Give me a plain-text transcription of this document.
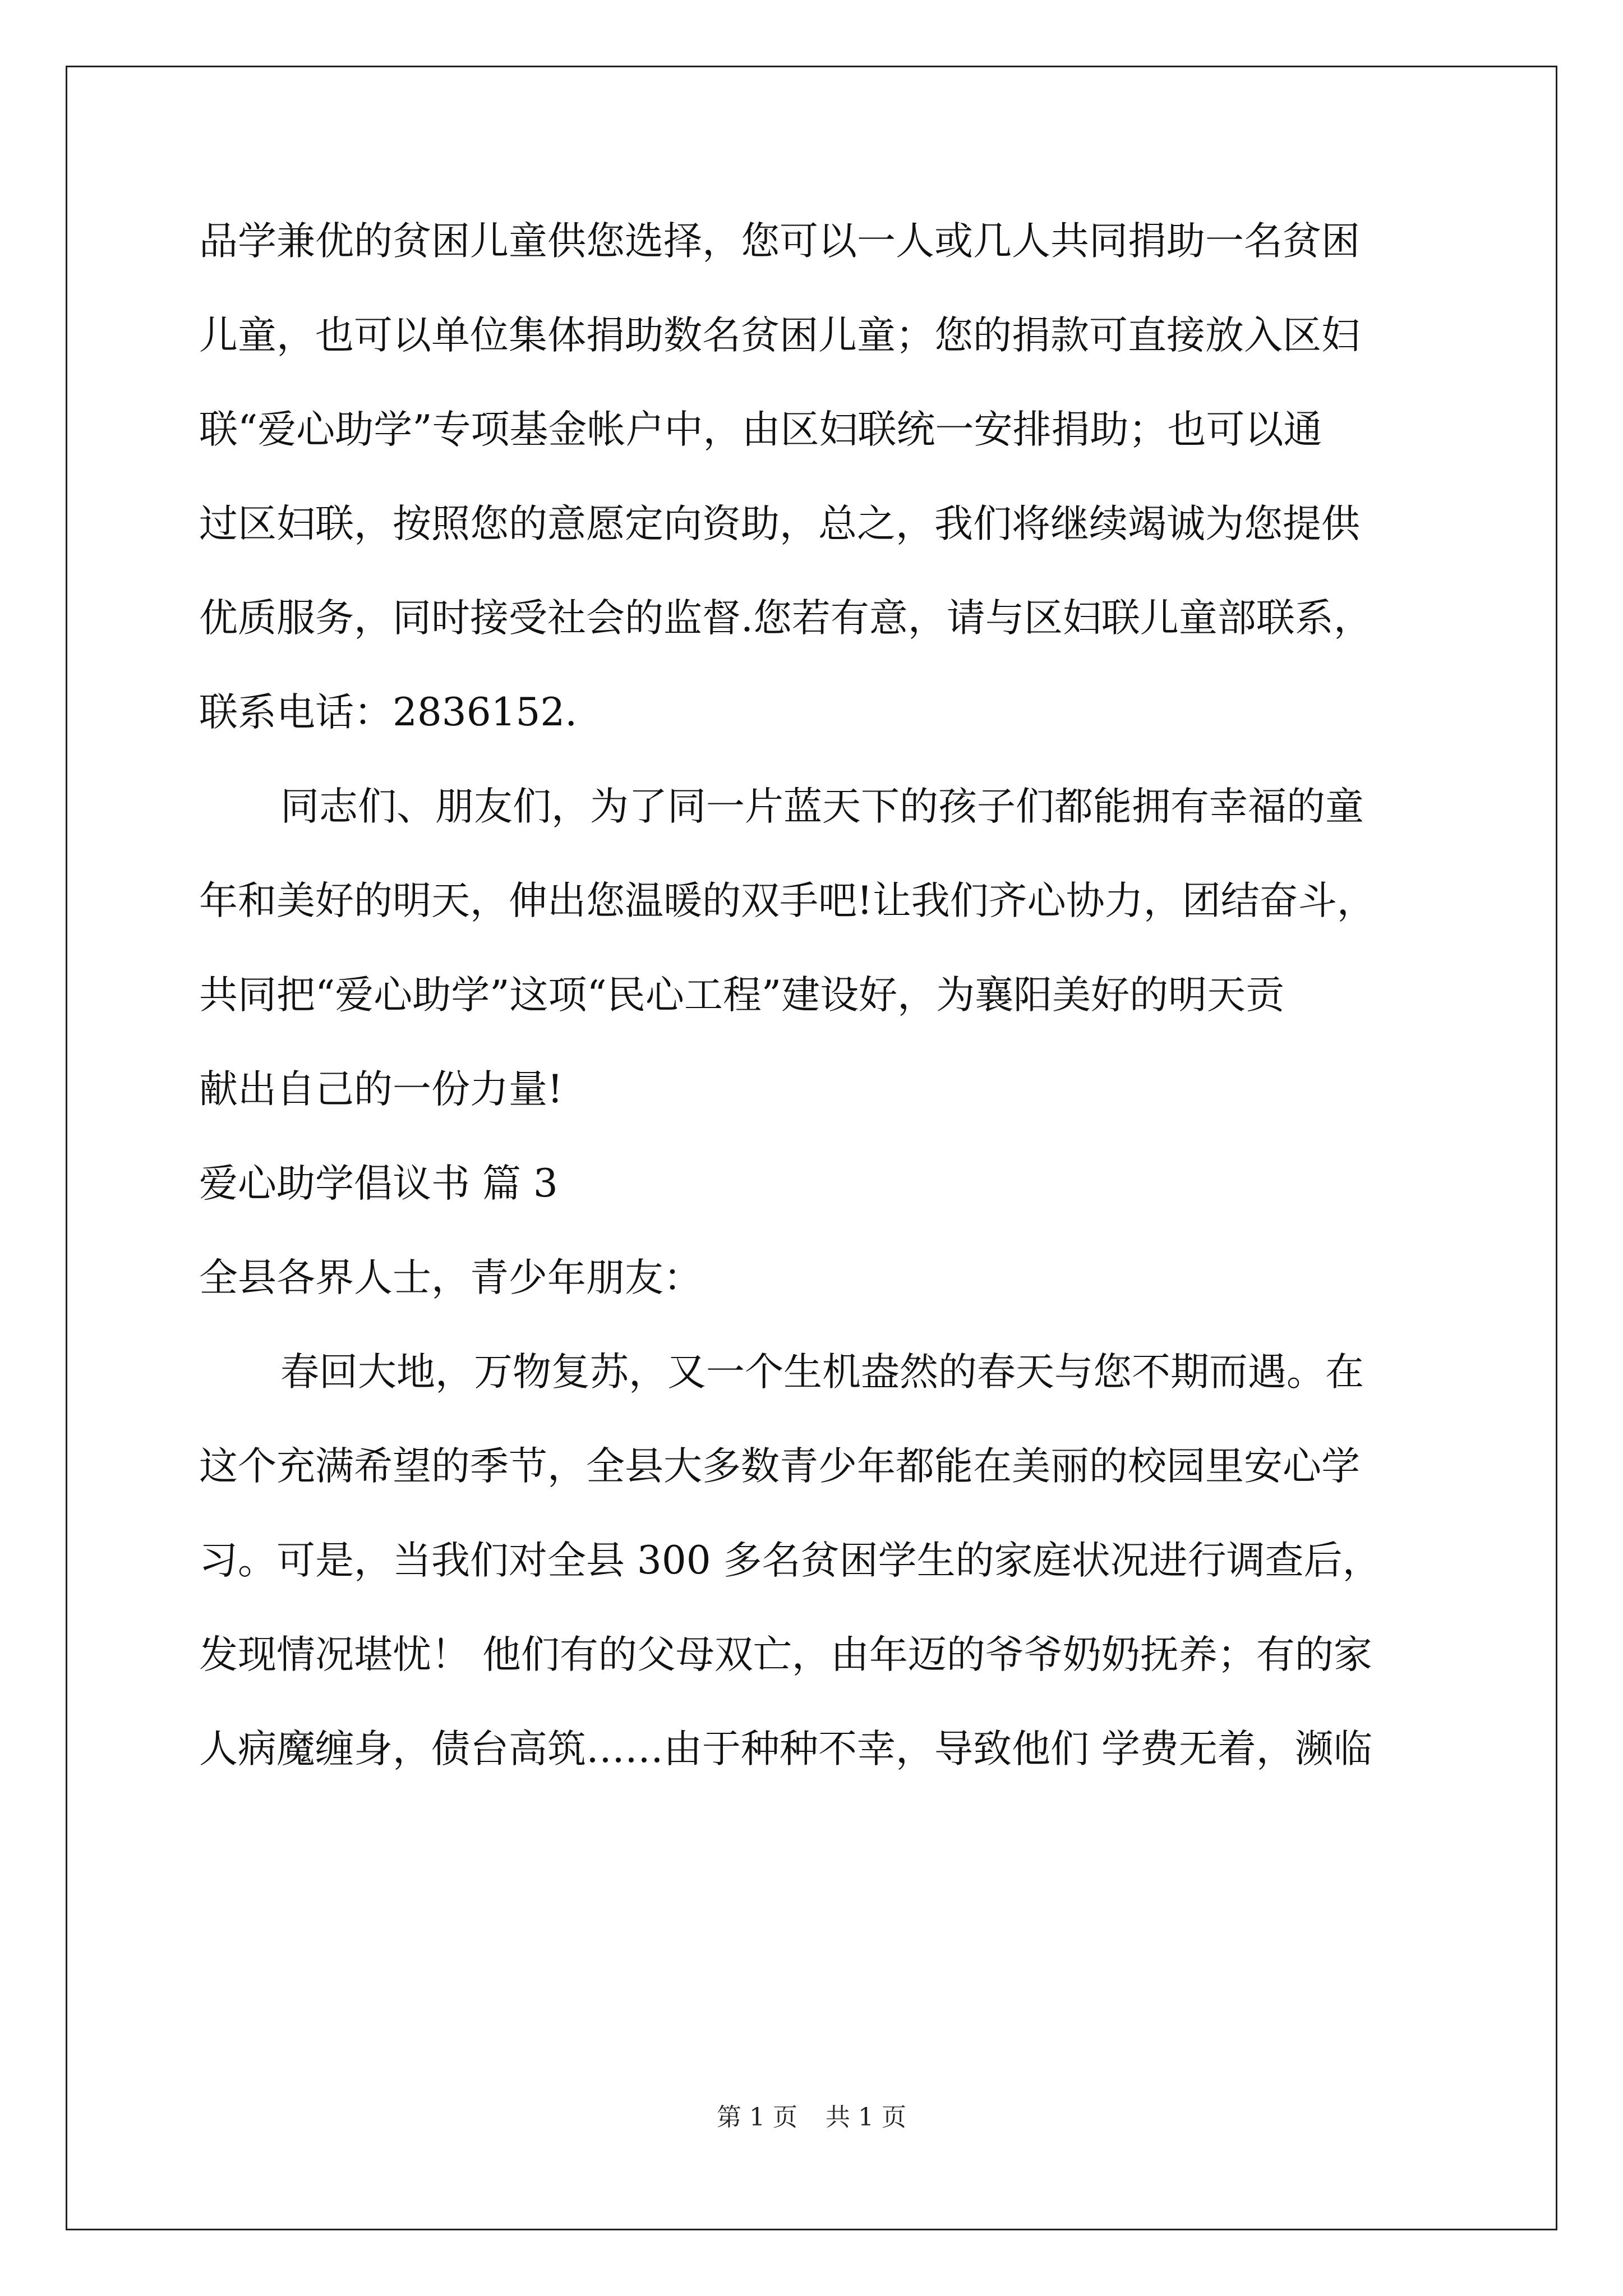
品学兼优的贫困儿童供您选择，您可以一人或几人共同捐助一名贫困
儿童，也可以单位集体捐助数名贫困儿童；您的捐款可直接放入区妇
联“爱心助学”专项基金帐户中，由区妇联统一安排捐助；也可以通
过区妇联，按照您的意愿定向资助，总之，我们将继续竭诚为您提供
优质服务，同时接受社会的监督.您若有意，请与区妇联儿童部联系，
联系电话：2836152.
同志们、朋友们，为了同一片蓝天下的孩子们都能拥有幸福的童
年和美好的明天，伸出您温暖的双手吧!让我们齐心协力，团结奋斗，
共同把“爱心助学”这项“民心工程”建设好，为襄阳美好的明天贡
献出自己的一份力量!
爱心助学倡议书 篇 3
全县各界人士，青少年朋友：
春回大地，万物复苏，又一个生机盎然的春天与您不期而遇。在
这个充满希望的季节，全县大多数青少年都能在美丽的校园里安心学
习。可是，当我们对全县 300 多名贫困学生的家庭状况进行调查后，
发现情况堪忧！ 他们有的父母双亡，由年迈的爷爷奶奶抚养；有的家
人病魔缠身，债台高筑……由于种种不幸，导致他们 学费无着，濒临
第 1 页 共 1 页
